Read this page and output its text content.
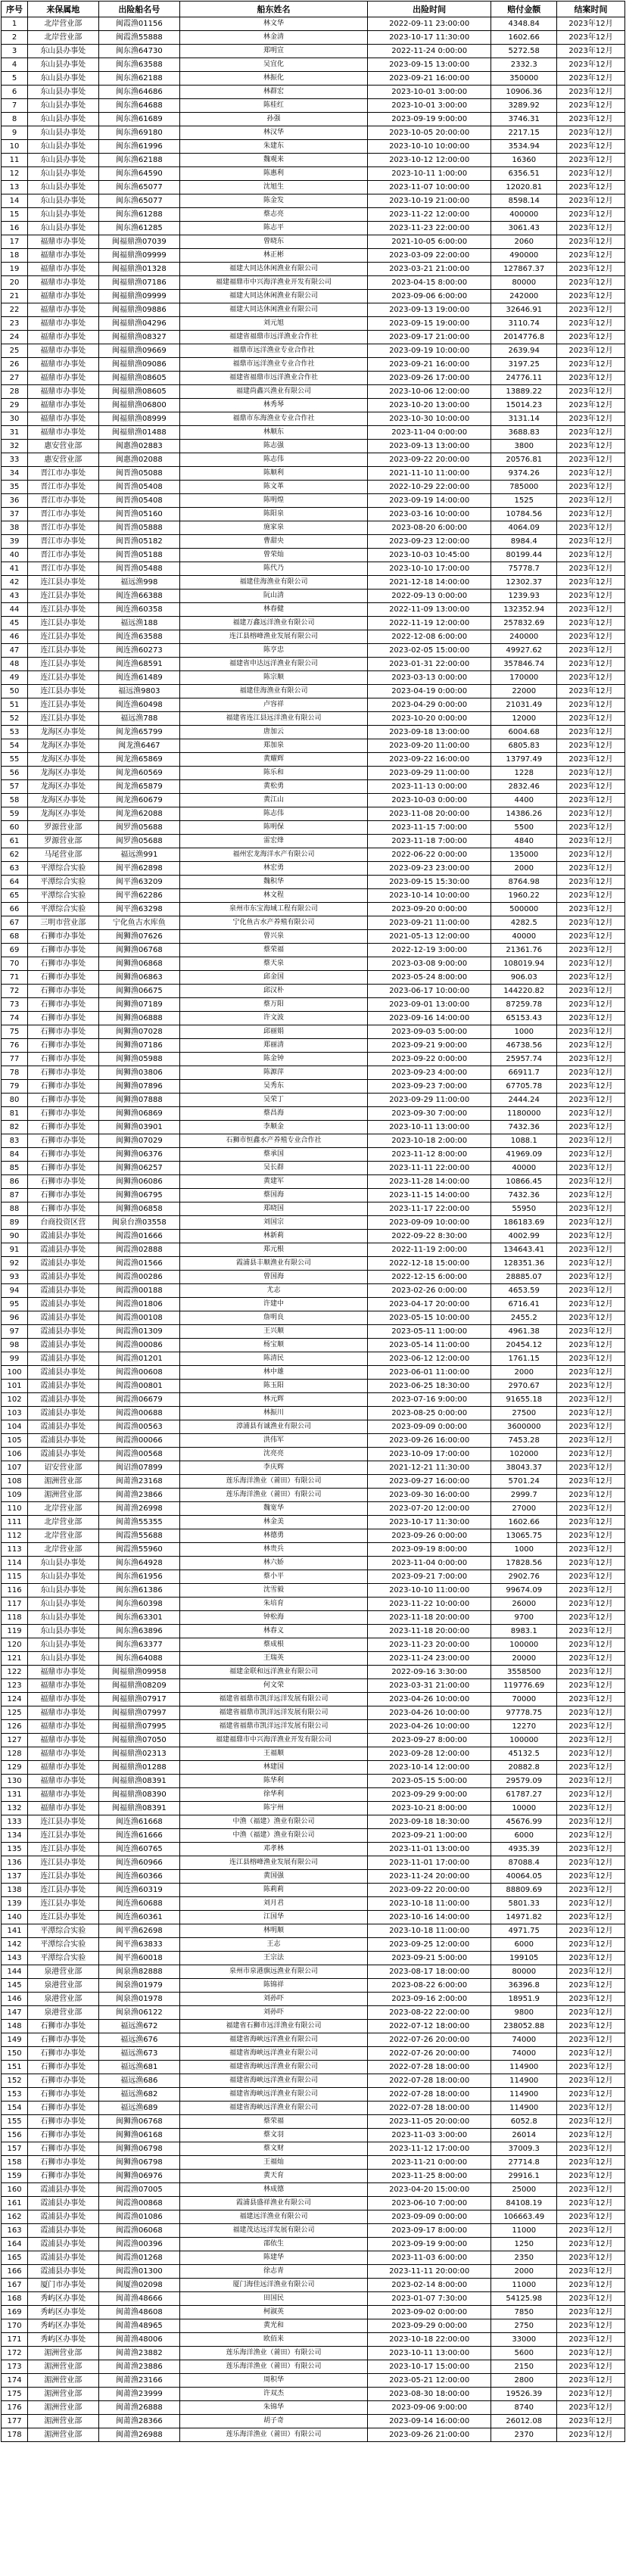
序号	来保属地	出险船名号	船东姓名	出险时间	赔付金额	结案时间
1	北岸营业部	闽霞渔01156	林文华	2022-09-11 23:00:00	4348.84	2023年12月
2	北岸营业部	闽霞渔55888	林金清	2023-10-17 11:30:00	1602.66	2023年12月
3	东山县办事处	闽东渔64730	郑明宣	2022-11-24 0:00:00	5272.58	2023年12月
4	东山县办事处	闽东渔63588	吴宜化	2023-09-15 13:00:00	2332.3	2023年12月
5	东山县办事处	闽东渔62188	林振化	2023-09-21 16:00:00	350000	2023年12月
6	东山县办事处	闽东渔64686	林群宏	2023-10-01 3:00:00	10906.36	2023年12月
7	东山县办事处	闽东渔64688	陈桂红	2023-10-01 3:00:00	3289.92	2023年12月
8	东山县办事处	闽东渔61689	孙强	2023-09-19 9:00:00	3746.31	2023年12月
9	东山县办事处	闽东渔69180	林汉华	2023-10-05 20:00:00	2217.15	2023年12月
10	东山县办事处	闽东渔61996	朱建东	2023-10-10 10:00:00	3534.94	2023年12月
11	东山县办事处	闽东渔62188	魏观来	2023-10-12 12:00:00	16360	2023年12月
12	东山县办事处	闽东渔64590	陈惠利	2023-10-11 1:00:00	6356.51	2023年12月
13	东山县办事处	闽东渔65077	沈旭生	2023-11-07 10:00:00	12020.81	2023年12月
14	东山县办事处	闽东渔65077	陈金发	2023-10-19 21:00:00	8598.14	2023年12月
15	东山县办事处	闽东渔61288	蔡志亮	2023-11-22 12:00:00	400000	2023年12月
16	东山县办事处	闽东渔61285	陈志平	2023-11-23 22:00:00	3061.43	2023年12月
17	福鼎市办事处	闽福鼎渔07039	曾晓东	2021-10-05 6:00:00	2060	2023年12月
18	福鼎市办事处	闽福鼎渔09999	林正彬	2023-03-09 22:00:00	490000	2023年12月
19	福鼎市办事处	闽福鼎渔01328	福建大同达休闲渔业有限公司	2023-03-21 21:00:00	127867.37	2023年12月
20	福鼎市办事处	闽福鼎渔07186	福建福鼎市中兴海洋渔业开发有限公司	2023-04-15 8:00:00	80000	2023年12月
21	福鼎市办事处	闽福鼎渔09999	福建大同达休闲渔业有限公司	2023-09-06 6:00:00	242000	2023年12月
22	福鼎市办事处	闽福鼎渔09886	福建大同达休闲渔业有限公司	2023-09-13 19:00:00	32646.91	2023年12月
23	福鼎市办事处	闽福鼎渔04296	刘元旭	2023-09-15 19:00:00	3110.74	2023年12月
24	福鼎市办事处	闽福鼎渔08327	福建省福鼎市远洋渔业合作社	2023-09-17 21:00:00	2014776.8	2023年12月
25	福鼎市办事处	闽福鼎渔09669	福鼎市远洋渔业专业合作社	2023-09-19 10:00:00	2639.94	2023年12月
26	福鼎市办事处	闽福鼎渔09086	福鼎市远洋渔业专业合作社	2023-09-21 16:00:00	3197.25	2023年12月
27	福鼎市办事处	闽福鼎渔08605	福建省福鼎市远洋渔业合作社	2023-09-26 17:00:00	24776.11	2023年12月
28	福鼎市办事处	闽福鼎渔08605	福建尚鑫兴渔业有限公司	2023-10-06 12:00:00	13889.22	2023年12月
29	福鼎市办事处	闽福鼎渔06800	林秀琴	2023-10-20 13:00:00	15014.23	2023年12月
30	福鼎市办事处	闽福鼎渔08999	福鼎市东海渔业专业合作社	2023-10-30 10:00:00	3131.14	2023年12月
31	福鼎市办事处	闽福鼎渔01488	林顺东	2023-11-04 0:00:00	3688.83	2023年12月
32	惠安营业部	闽惠渔02883	陈志强	2023-09-13 13:00:00	3800	2023年12月
33	惠安营业部	闽惠渔02088	陈志伟	2023-09-22 20:00:00	20576.81	2023年12月
34	晋江市办事处	闽晋渔05088	陈顺利	2021-11-10 11:00:00	9374.26	2023年12月
35	晋江市办事处	闽晋渔05408	陈文革	2022-10-29 22:00:00	785000	2023年12月
36	晋江市办事处	闽晋渔05408	陈明煌	2023-09-19 14:00:00	1525	2023年12月
37	晋江市办事处	闽晋渔05160	陈阳泉	2023-03-16 10:00:00	10784.56	2023年12月
38	晋江市办事处	闽晋渔05888	施家泉	2023-08-20 6:00:00	4064.09	2023年12月
39	晋江市办事处	闽晋渔05182	曹甜央	2023-09-23 12:00:00	8984.4	2023年12月
40	晋江市办事处	闽晋渔05188	曾荣灿	2023-10-03 10:45:00	80199.44	2023年12月
41	晋江市办事处	闽晋渔05488	陈代乃	2023-10-10 17:00:00	75778.7	2023年12月
42	连江县办事处	福远渔998	福建佳海渔业有限公司	2021-12-18 14:00:00	12302.37	2023年12月
43	连江县办事处	闽连渔66388	阮山清	2022-09-13 0:00:00	1239.93	2023年12月
44	连江县办事处	闽连渔60358	林春健	2022-11-09 13:00:00	132352.94	2023年12月
45	连江县办事处	福远渔188	福建万鑫远洋渔业有限公司	2022-11-19 12:00:00	257832.69	2023年12月
46	连江县办事处	闽连渔63588	连江县榕峰渔业发展有限公司	2022-12-08 6:00:00	240000	2023年12月
47	连江县办事处	闽连渔60273	陈亨忠	2023-02-05 15:00:00	49927.62	2023年12月
48	连江县办事处	闽连渔68591	福建省申达远洋渔业有限公司	2023-01-31 22:00:00	357846.74	2023年12月
49	连江县办事处	闽连渔61489	陈宗顺	2023-03-13 0:00:00	170000	2023年12月
50	连江县办事处	福远渔9803	福建佳海渔业有限公司	2023-04-19 0:00:00	22000	2023年12月
51	连江县办事处	闽连渔60498	卢容祥	2023-04-29 0:00:00	21031.49	2023年12月
52	连江县办事处	福远渔788	福建省连江县远洋渔业有限公司	2023-10-20 0:00:00	12000	2023年12月
53	龙海区办事处	闽龙渔65799	唐加云	2023-09-18 13:00:00	6004.68	2023年12月
54	龙海区办事处	闽龙渔6467	郑加泉	2023-09-20 11:00:00	6805.83	2023年12月
55	龙海区办事处	闽龙渔65869	黄耀辉	2023-09-22 16:00:00	13797.49	2023年12月
56	龙海区办事处	闽龙渔60569	陈乐和	2023-09-29 11:00:00	1228	2023年12月
57	龙海区办事处	闽龙渔65879	黄松勇	2023-11-13 0:00:00	2832.46	2023年12月
58	龙海区办事处	闽龙渔60679	黄江山	2023-10-03 0:00:00	4400	2023年12月
59	龙海区办事处	闽龙渔62088	陈志伟	2023-11-08 20:00:00	14386.26	2023年12月
60	罗源营业部	闽罗渔05688	陈明保	2023-11-15 7:00:00	5500	2023年12月
61	罗源营业部	闽罗渔05688	雷宏烽	2023-11-18 7:00:00	4840	2023年12月
62	马尾营业部	福远渔991	福州宏龙海洋水产有限公司	2022-06-22 0:00:00	135000	2023年12月
63	平潭综合实验	闽平渔62898	林宏勇	2023-09-23 23:00:00	2000	2023年12月
64	平潭综合实验	闽平渔63209	魏积华	2023-09-15 15:30:00	8764.98	2023年12月
65	平潭综合实验	闽平渔62286	林文程	2023-10-14 10:00:00	1960.22	2023年12月
66	平潭综合实验	闽平渔63298	泉州市东宝海域工程有限公司	2023-09-20 0:00:00	500000	2023年12月
67	三明市营业部	宁化鱼古水库鱼	宁化鱼古水产养殖有限公司	2023-09-21 11:00:00	4282.5	2023年12月
68	石狮市办事处	闽狮渔07626	曾兴泉	2021-05-13 12:00:00	40000	2023年12月
69	石狮市办事处	闽狮渔06768	蔡荣福	2022-12-19 3:00:00	21361.76	2023年12月
70	石狮市办事处	闽狮渔06868	蔡天泉	2023-03-08 9:00:00	108019.94	2023年12月
71	石狮市办事处	闽狮渔06863	邱金国	2023-05-24 8:00:00	906.03	2023年12月
72	石狮市办事处	闽狮渔06675	邱汉朴	2023-06-17 10:00:00	144220.82	2023年12月
73	石狮市办事处	闽狮渔07189	蔡万阳	2023-09-01 13:00:00	87259.78	2023年12月
74	石狮市办事处	闽狮渔06888	许文波	2023-09-16 14:00:00	65153.43	2023年12月
75	石狮市办事处	闽狮渔07028	邱丽娟	2023-09-03 5:00:00	1000	2023年12月
76	石狮市办事处	闽狮渔07186	郑丽清	2023-09-21 9:00:00	46738.56	2023年12月
77	石狮市办事处	闽狮渔05988	陈金钟	2023-09-22 0:00:00	25957.74	2023年12月
78	石狮市办事处	闽狮渔03806	陈源萍	2023-09-23 4:00:00	66911.7	2023年12月
79	石狮市办事处	闽狮渔07896	吴秀东	2023-09-23 7:00:00	67705.78	2023年12月
80	石狮市办事处	闽狮渔07888	吴荣丁	2023-09-29 11:00:00	2444.24	2023年12月
81	石狮市办事处	闽狮渔06869	蔡昌海	2023-09-30 7:00:00	1180000	2023年12月
82	石狮市办事处	闽狮渔03901	李顺金	2023-10-11 13:00:00	7432.36	2023年12月
83	石狮市办事处	闽狮渔07029	石狮市恒鑫水产养殖专业合作社	2023-10-18 2:00:00	1088.1	2023年12月
84	石狮市办事处	闽狮渔06376	蔡承国	2023-11-12 8:00:00	41969.09	2023年12月
85	石狮市办事处	闽狮渔06257	吴长群	2023-11-11 22:00:00	40000	2023年12月
86	石狮市办事处	闽狮渔06086	黄建军	2023-11-28 14:00:00	10866.45	2023年12月
87	石狮市办事处	闽狮渔06795	蔡国海	2023-11-15 14:00:00	7432.36	2023年12月
88	石狮市办事处	闽狮渔06858	郑晓国	2023-11-17 22:00:00	55950	2023年12月
89	台商投资区营	闽泉台渔03558	刘国宗	2023-09-09 10:00:00	186183.69	2023年12月
90	霞浦县办事处	闽霞渔01666	林新莉	2022-09-22 8:30:00	4002.99	2023年12月
91	霞浦县办事处	闽霞渔02888	郑元根	2022-11-19 2:00:00	134643.41	2023年12月
92	霞浦县办事处	闽霞渔01566	霞浦县丰顺渔业有限公司	2022-12-18 15:00:00	128351.36	2023年12月
93	霞浦县办事处	闽霞渔00286	曾国海	2022-12-15 6:00:00	28885.07	2023年12月
94	霞浦县办事处	闽霞渔00188	尤志	2023-02-26 0:00:00	4653.59	2023年12月
95	霞浦县办事处	闽霞渔01806	许建中	2023-04-17 20:00:00	6716.41	2023年12月
96	霞浦县办事处	闽霞渔00108	詹明良	2023-05-15 10:00:00	2455.2	2023年12月
97	霞浦县办事处	闽霞渔01309	王兴顺	2023-05-11 1:00:00	4961.38	2023年12月
98	霞浦县办事处	闽霞渔00086	杨宝顺	2023-05-14 11:00:00	20454.12	2023年12月
99	霞浦县办事处	闽霞渔01201	陈清民	2023-06-12 12:00:00	1761.15	2023年12月
100	霞浦县办事处	闽霞渔00608	林中雄	2023-06-01 11:00:00	2000	2023年12月
101	霞浦县办事处	闽霞渔00801	陈玉阳	2023-06-25 18:30:00	2970.67	2023年12月
102	霞浦县办事处	闽霞渔06679	林元辉	2023-07-16 9:00:00	91655.18	2023年12月
103	霞浦县办事处	闽霞渔00688	林振川	2023-08-25 0:00:00	27500	2023年12月
104	霞浦县办事处	闽霞渔00563	漳浦县有诚渔业有限公司	2023-09-09 0:00:00	3600000	2023年12月
105	霞浦县办事处	闽霞渔00066	洪伟军	2023-09-26 16:00:00	7453.28	2023年12月
106	霞浦县办事处	闽霞渔00568	沈亮亮	2023-10-09 17:00:00	102000	2023年12月
107	诏安营业部	闽诏渔07899	李庆辉	2021-12-21 11:30:00	38043.37	2023年12月
108	湄洲营业部	闽莆渔23168	莲乐海洋渔业（莆田）有限公司	2023-09-27 16:00:00	5701.24	2023年12月
109	湄洲营业部	闽莆渔23866	莲乐海洋渔业（莆田）有限公司	2023-09-30 16:00:00	2999.7	2023年12月
110	北岸营业部	闽莆渔26998	魏宽华	2023-07-20 12:00:00	27000	2023年12月
111	北岸营业部	闽莆渔55355	林金美	2023-10-17 11:30:00	1602.66	2023年12月
112	北岸营业部	闽霞渔55688	林德勇	2023-09-26 0:00:00	13065.75	2023年12月
113	北岸营业部	闽霞渔55960	林贵兵	2023-09-19 8:00:00	1000	2023年12月
114	东山县办事处	闽东渔64928	林六娇	2023-11-04 0:00:00	17828.56	2023年12月
115	东山县办事处	闽东渔61956	蔡小平	2023-09-21 7:00:00	2902.76	2023年12月
116	东山县办事处	闽东渔61386	沈雪毅	2023-10-10 11:00:00	99674.09	2023年12月
117	东山县办事处	闽东渔60398	朱培育	2023-11-22 10:00:00	26000	2023年12月
118	东山县办事处	闽东渔63301	钟松海	2023-11-18 20:00:00	9700	2023年12月
119	东山县办事处	闽东渔63896	林春义	2023-11-18 20:00:00	8983.1	2023年12月
120	东山县办事处	闽东渔63377	蔡成根	2023-11-23 20:00:00	100000	2023年12月
121	东山县办事处	闽东渔64088	王瑞英	2023-11-24 23:00:00	20000	2023年12月
122	福鼎市办事处	闽福鼎渔09958	福建金联和远洋渔业有限公司	2022-09-16 3:30:00	3558500	2023年12月
123	福鼎市办事处	闽福鼎渔08209	何文荣	2023-03-31 21:00:00	119776.69	2023年12月
124	福鼎市办事处	闽福鼎渔07917	福建省福鼎市凯洋远洋发展有限公司	2023-04-26 10:00:00	70000	2023年12月
125	福鼎市办事处	闽福鼎渔07997	福建省福鼎市凯洋远洋发展有限公司	2023-04-26 10:00:00	97778.75	2023年12月
126	福鼎市办事处	闽福鼎渔07995	福建省福鼎市凯洋远洋发展有限公司	2023-04-26 10:00:00	12270	2023年12月
127	福鼎市办事处	闽福鼎渔07050	福建福鼎市中兴海洋渔业开发有限公司	2023-09-27 8:00:00	100000	2023年12月
128	福鼎市办事处	闽福鼎渔02313	王福顺	2023-09-28 12:00:00	45132.5	2023年12月
129	福鼎市办事处	闽福鼎渔01288	林建国	2023-10-14 12:00:00	20882.8	2023年12月
130	福鼎市办事处	闽福鼎渔08391	陈华利	2023-05-15 5:00:00	29579.09	2023年12月
131	福鼎市办事处	闽福鼎渔08390	徐华利	2023-09-29 9:00:00	61787.27	2023年12月
132	福鼎市办事处	闽福鼎渔08391	陈宇州	2023-10-21 8:00:00	10000	2023年12月
133	连江县办事处	闽连渔61668	中渔（福建）渔业有限公司	2023-09-18 18:30:00	45676.99	2023年12月
134	连江县办事处	闽连渔61666	中渔（福建）渔业有限公司	2023-09-21 1:00:00	6000	2023年12月
135	连江县办事处	闽连渔60765	邓孝林	2023-11-01 13:00:00	4935.39	2023年12月
136	连江县办事处	闽连渔60966	连江县榕峰渔业发展有限公司	2023-11-01 17:00:00	87088.4	2023年12月
137	连江县办事处	闽连渔60366	黄国强	2023-11-24 20:00:00	40064.05	2023年12月
138	连江县办事处	闽连渔60319	陈莉莉	2023-09-22 20:00:00	88809.69	2023年12月
139	连江县办事处	闽连渔60688	刘月君	2023-10-18 11:00:00	5801.33	2023年12月
140	连江县办事处	闽连渔60361	江国华	2023-10-16 14:00:00	14971.82	2023年12月
141	平潭综合实验	闽平渔62698	林明顺	2023-10-18 11:00:00	4971.75	2023年12月
142	平潭综合实验	闽平渔63833	王志	2023-09-25 12:00:00	6000	2023年12月
143	平潭综合实验	闽平渔60018	王宗法	2023-09-21 5:00:00	199105	2023年12月
144	泉港营业部	闽泉渔82888	泉州市泉港旗远渔业有限公司	2023-08-17 18:00:00	80000	2023年12月
145	泉港营业部	闽泉渔01979	陈锦祥	2023-08-22 6:00:00	36396.8	2023年12月
146	泉港营业部	闽泉渔01978	刘孙吓	2023-09-16 2:00:00	18951.9	2023年12月
147	泉港营业部	闽泉渔06122	刘孙吓	2023-08-22 22:00:00	9800	2023年12月
148	石狮市办事处	福远渔672	福建省石狮市远洋渔业有限公司	2022-07-12 18:00:00	238052.88	2023年12月
149	石狮市办事处	福远渔676	福建省海峡远洋渔业有限公司	2022-07-26 20:00:00	74000	2023年12月
150	石狮市办事处	福远渔673	福建省海峡远洋渔业有限公司	2022-07-26 20:00:00	74000	2023年12月
151	石狮市办事处	福远渔681	福建省海峡远洋渔业有限公司	2022-07-28 18:00:00	114900	2023年12月
152	石狮市办事处	福远渔686	福建省海峡远洋渔业有限公司	2022-07-28 18:00:00	114900	2023年12月
153	石狮市办事处	福远渔682	福建省海峡远洋渔业有限公司	2022-07-28 18:00:00	114900	2023年12月
154	石狮市办事处	福远渔689	福建省海峡远洋渔业有限公司	2022-07-28 18:00:00	114900	2023年12月
155	石狮市办事处	闽狮渔06768	蔡荣福	2023-11-05 20:00:00	6052.8	2023年12月
156	石狮市办事处	闽狮渔06168	蔡文羽	2023-11-03 3:00:00	26014	2023年12月
157	石狮市办事处	闽狮渔06798	蔡文财	2023-11-12 17:00:00	37009.3	2023年12月
158	石狮市办事处	闽狮渔06798	王福灿	2023-11-21 0:00:00	27714.8	2023年12月
159	石狮市办事处	闽狮渔06976	黄天育	2023-11-25 8:00:00	29916.1	2023年12月
160	霞浦县办事处	闽霞渔07005	林成德	2023-04-20 15:00:00	25000	2023年12月
161	霞浦县办事处	闽霞渔00868	霞浦县盛祥渔业有限公司	2023-06-10 7:00:00	84108.19	2023年12月
162	霞浦县办事处	闽霞渔01086	福建远洋渔业有限公司	2023-09-09 0:00:00	106663.49	2023年12月
163	霞浦县办事处	闽霞渔06068	福建茂达远洋发展有限公司	2023-09-17 8:00:00	11000	2023年12月
164	霞浦县办事处	闽霞渔00396	邵依生	2023-09-19 9:00:00	1250	2023年12月
165	霞浦县办事处	闽霞渔01268	陈建华	2023-11-03 6:00:00	2350	2023年12月
166	霞浦县办事处	闽霞渔01300	徐志青	2023-11-11 20:00:00	2000	2023年12月
167	厦门市办事处	闽厦渔02098	厦门海佳远洋渔业有限公司	2023-02-14 8:00:00	11000	2023年12月
168	秀屿区办事处	闽莆渔48666	田国民	2023-01-07 7:30:00	54125.98	2023年12月
169	秀屿区办事处	闽莆渔48608	柯淑英	2023-09-02 0:00:00	7850	2023年12月
170	秀屿区办事处	闽莆渔48965	黄光和	2023-09-29 0:00:00	2750	2023年12月
171	秀屿区办事处	闽莆渔48006	欧佰来	2023-10-18 22:00:00	33000	2023年12月
172	湄洲营业部	闽莆渔23882	莲乐海洋渔业（莆田）有限公司	2023-10-11 13:00:00	5600	2023年12月
173	湄洲营业部	闽莆渔23886	莲乐海洋渔业（莆田）有限公司	2023-10-17 15:00:00	2150	2023年12月
174	湄洲营业部	闽莆渔23166	周积华	2023-05-21 12:00:00	2800	2023年12月
175	湄洲营业部	闽莆渔23999	许双杰	2023-08-30 18:00:00	19526.39	2023年12月
176	湄洲营业部	闽莆渔26888	朱锦华	2023-09-06 9:00:00	8740	2023年12月
177	湄洲营业部	闽莆渔28366	胡子奇	2023-09-14 16:00:00	26012.08	2023年12月
178	湄洲营业部	闽莆渔26988	莲乐海洋渔业（莆田）有限公司	2023-09-26 21:00:00	2370	2023年12月
